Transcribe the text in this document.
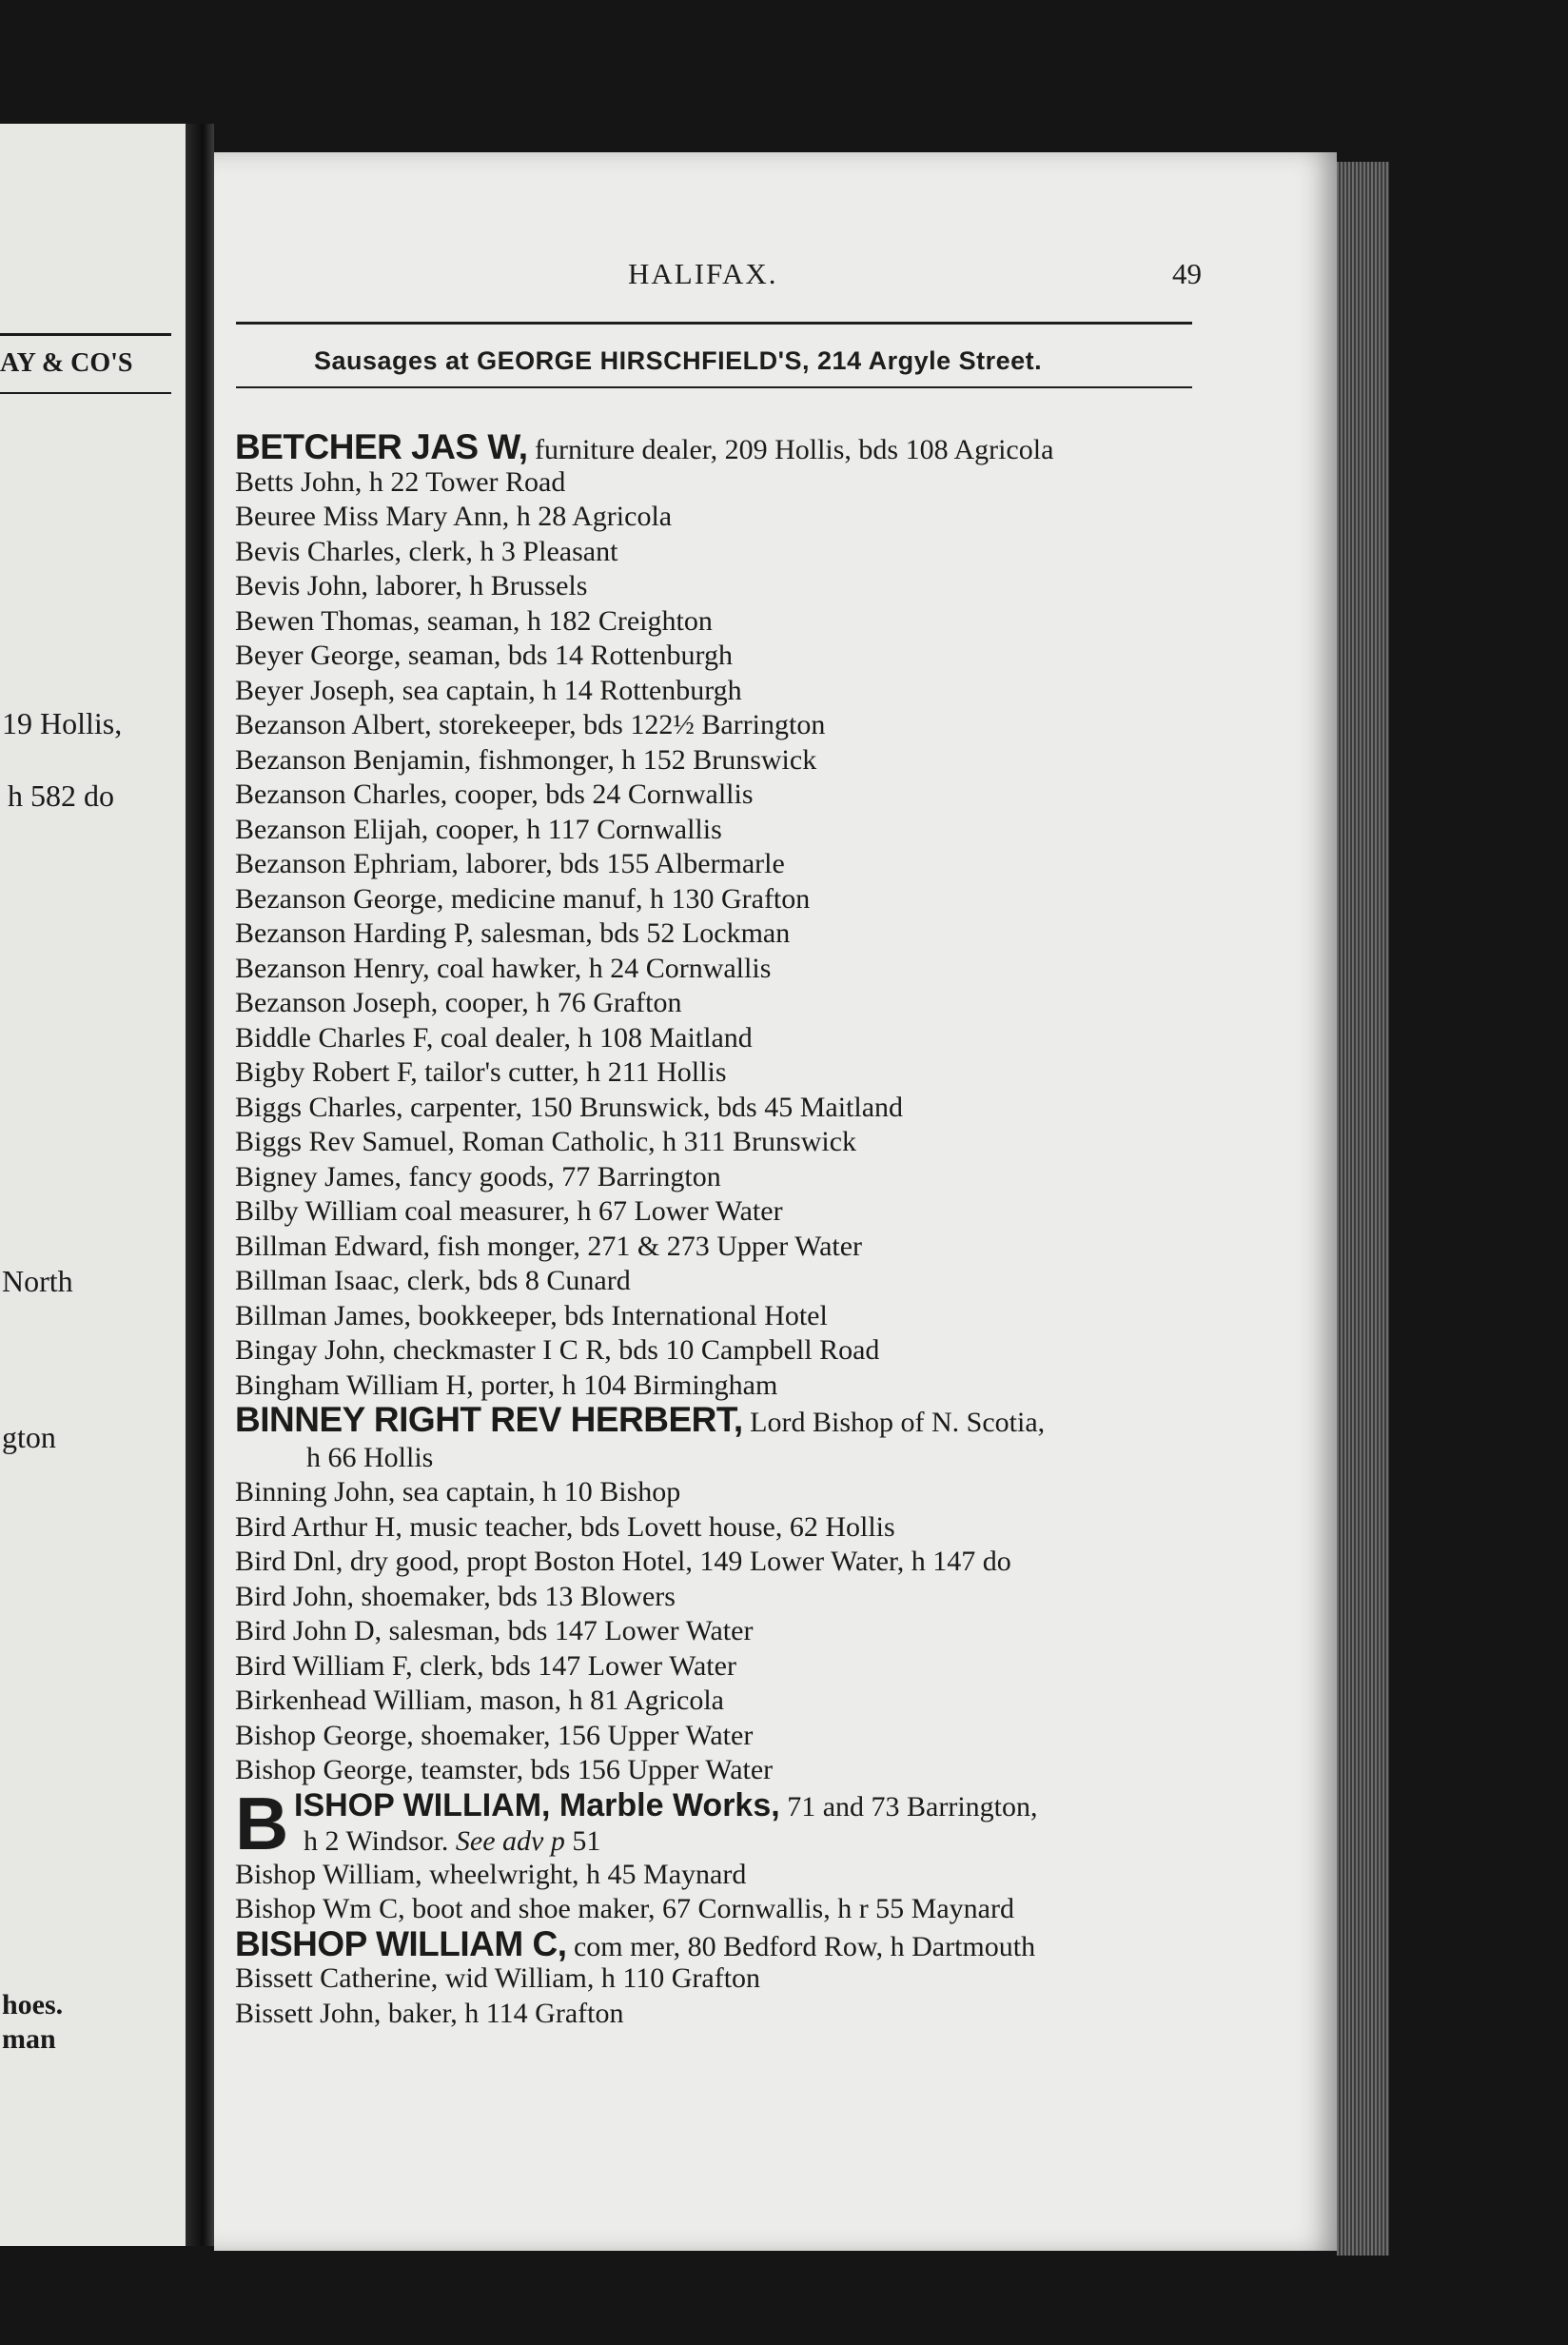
AY & CO'S
19 Hollis,
h 582 do
North
gton
hoes.
man
HALIFAX.	49
Sausages at GEORGE HIRSCHFIELD'S, 214 Argyle Street.
BETCHER JAS W, furniture dealer, 209 Hollis, bds 108 Agricola
Betts John, h 22 Tower Road
Beuree Miss Mary Ann, h 28 Agricola
Bevis Charles, clerk, h 3 Pleasant
Bevis John, laborer, h Brussels
Bewen Thomas, seaman, h 182 Creighton
Beyer George, seaman, bds 14 Rottenburgh
Beyer Joseph, sea captain, h 14 Rottenburgh
Bezanson Albert, storekeeper, bds 122½ Barrington
Bezanson Benjamin, fishmonger, h 152 Brunswick
Bezanson Charles, cooper, bds 24 Cornwallis
Bezanson Elijah, cooper, h 117 Cornwallis
Bezanson Ephriam, laborer, bds 155 Albermarle
Bezanson George, medicine manuf, h 130 Grafton
Bezanson Harding P, salesman, bds 52 Lockman
Bezanson Henry, coal hawker, h 24 Cornwallis
Bezanson Joseph, cooper, h 76 Grafton
Biddle Charles F, coal dealer, h 108 Maitland
Bigby Robert F, tailor's cutter, h 211 Hollis
Biggs Charles, carpenter, 150 Brunswick, bds 45 Maitland
Biggs Rev Samuel, Roman Catholic, h 311 Brunswick
Bigney James, fancy goods, 77 Barrington
Bilby William coal measurer, h 67 Lower Water
Billman Edward, fish monger, 271 & 273 Upper Water
Billman Isaac, clerk, bds 8 Cunard
Billman James, bookkeeper, bds International Hotel
Bingay John, checkmaster I C R, bds 10 Campbell Road
Bingham William H, porter, h 104 Birmingham
BINNEY RIGHT REV HERBERT, Lord Bishop of N. Scotia,
h 66 Hollis
Binning John, sea captain, h 10 Bishop
Bird Arthur H, music teacher, bds Lovett house, 62 Hollis
Bird Dnl, dry good, propt Boston Hotel, 149 Lower Water, h 147 do
Bird John, shoemaker, bds 13 Blowers
Bird John D, salesman, bds 147 Lower Water
Bird William F, clerk, bds 147 Lower Water
Birkenhead William, mason, h 81 Agricola
Bishop George, shoemaker, 156 Upper Water
Bishop George, teamster, bds 156 Upper Water
B ISHOP WILLIAM, Marble Works, 71 and 73 Barrington,
h 2 Windsor. See adv p 51
Bishop William, wheelwright, h 45 Maynard
Bishop Wm C, boot and shoe maker, 67 Cornwallis, h r 55 Maynard
BISHOP WILLIAM C, com mer, 80 Bedford Row, h Dartmouth
Bissett Catherine, wid William, h 110 Grafton
Bissett John, baker, h 114 Grafton
